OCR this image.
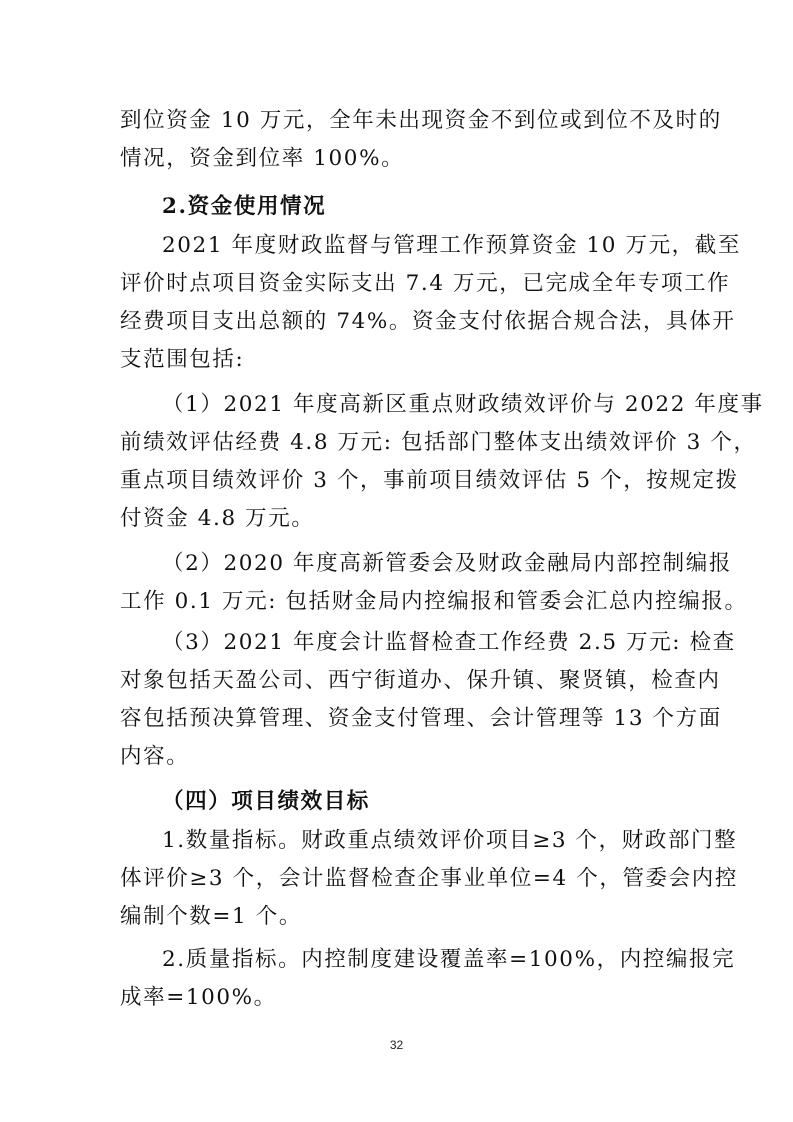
到位资金 10 万元，全年未出现资金不到位或到位不及时的
情况，资金到位率 100%。
2.资金使用情况
2021 年度财政监督与管理工作预算资金 10 万元，截至
评价时点项目资金实际支出 7.4 万元，已完成全年专项工作
经费项目支出总额的 74%。资金支付依据合规合法，具体开
支范围包括:
（1）2021 年度高新区重点财政绩效评价与 2022 年度事
前绩效评估经费 4.8 万元: 包括部门整体支出绩效评价 3 个，
重点项目绩效评价 3 个，事前项目绩效评估 5 个，按规定拨
付资金 4.8 万元。
（2）2020 年度高新管委会及财政金融局内部控制编报
工作 0.1 万元: 包括财金局内控编报和管委会汇总内控编报。
（3）2021 年度会计监督检查工作经费 2.5 万元: 检查
对象包括天盈公司、西宁街道办、保升镇、聚贤镇，检查内
容包括预决算管理、资金支付管理、会计管理等 13 个方面
内容。
（四）项目绩效目标
1.数量指标。财政重点绩效评价项目≥3 个，财政部门整
体评价≥3 个，会计监督检查企事业单位=4 个，管委会内控
编制个数=1 个。
2.质量指标。内控制度建设覆盖率=100%，内控编报完
成率=100%。
32
